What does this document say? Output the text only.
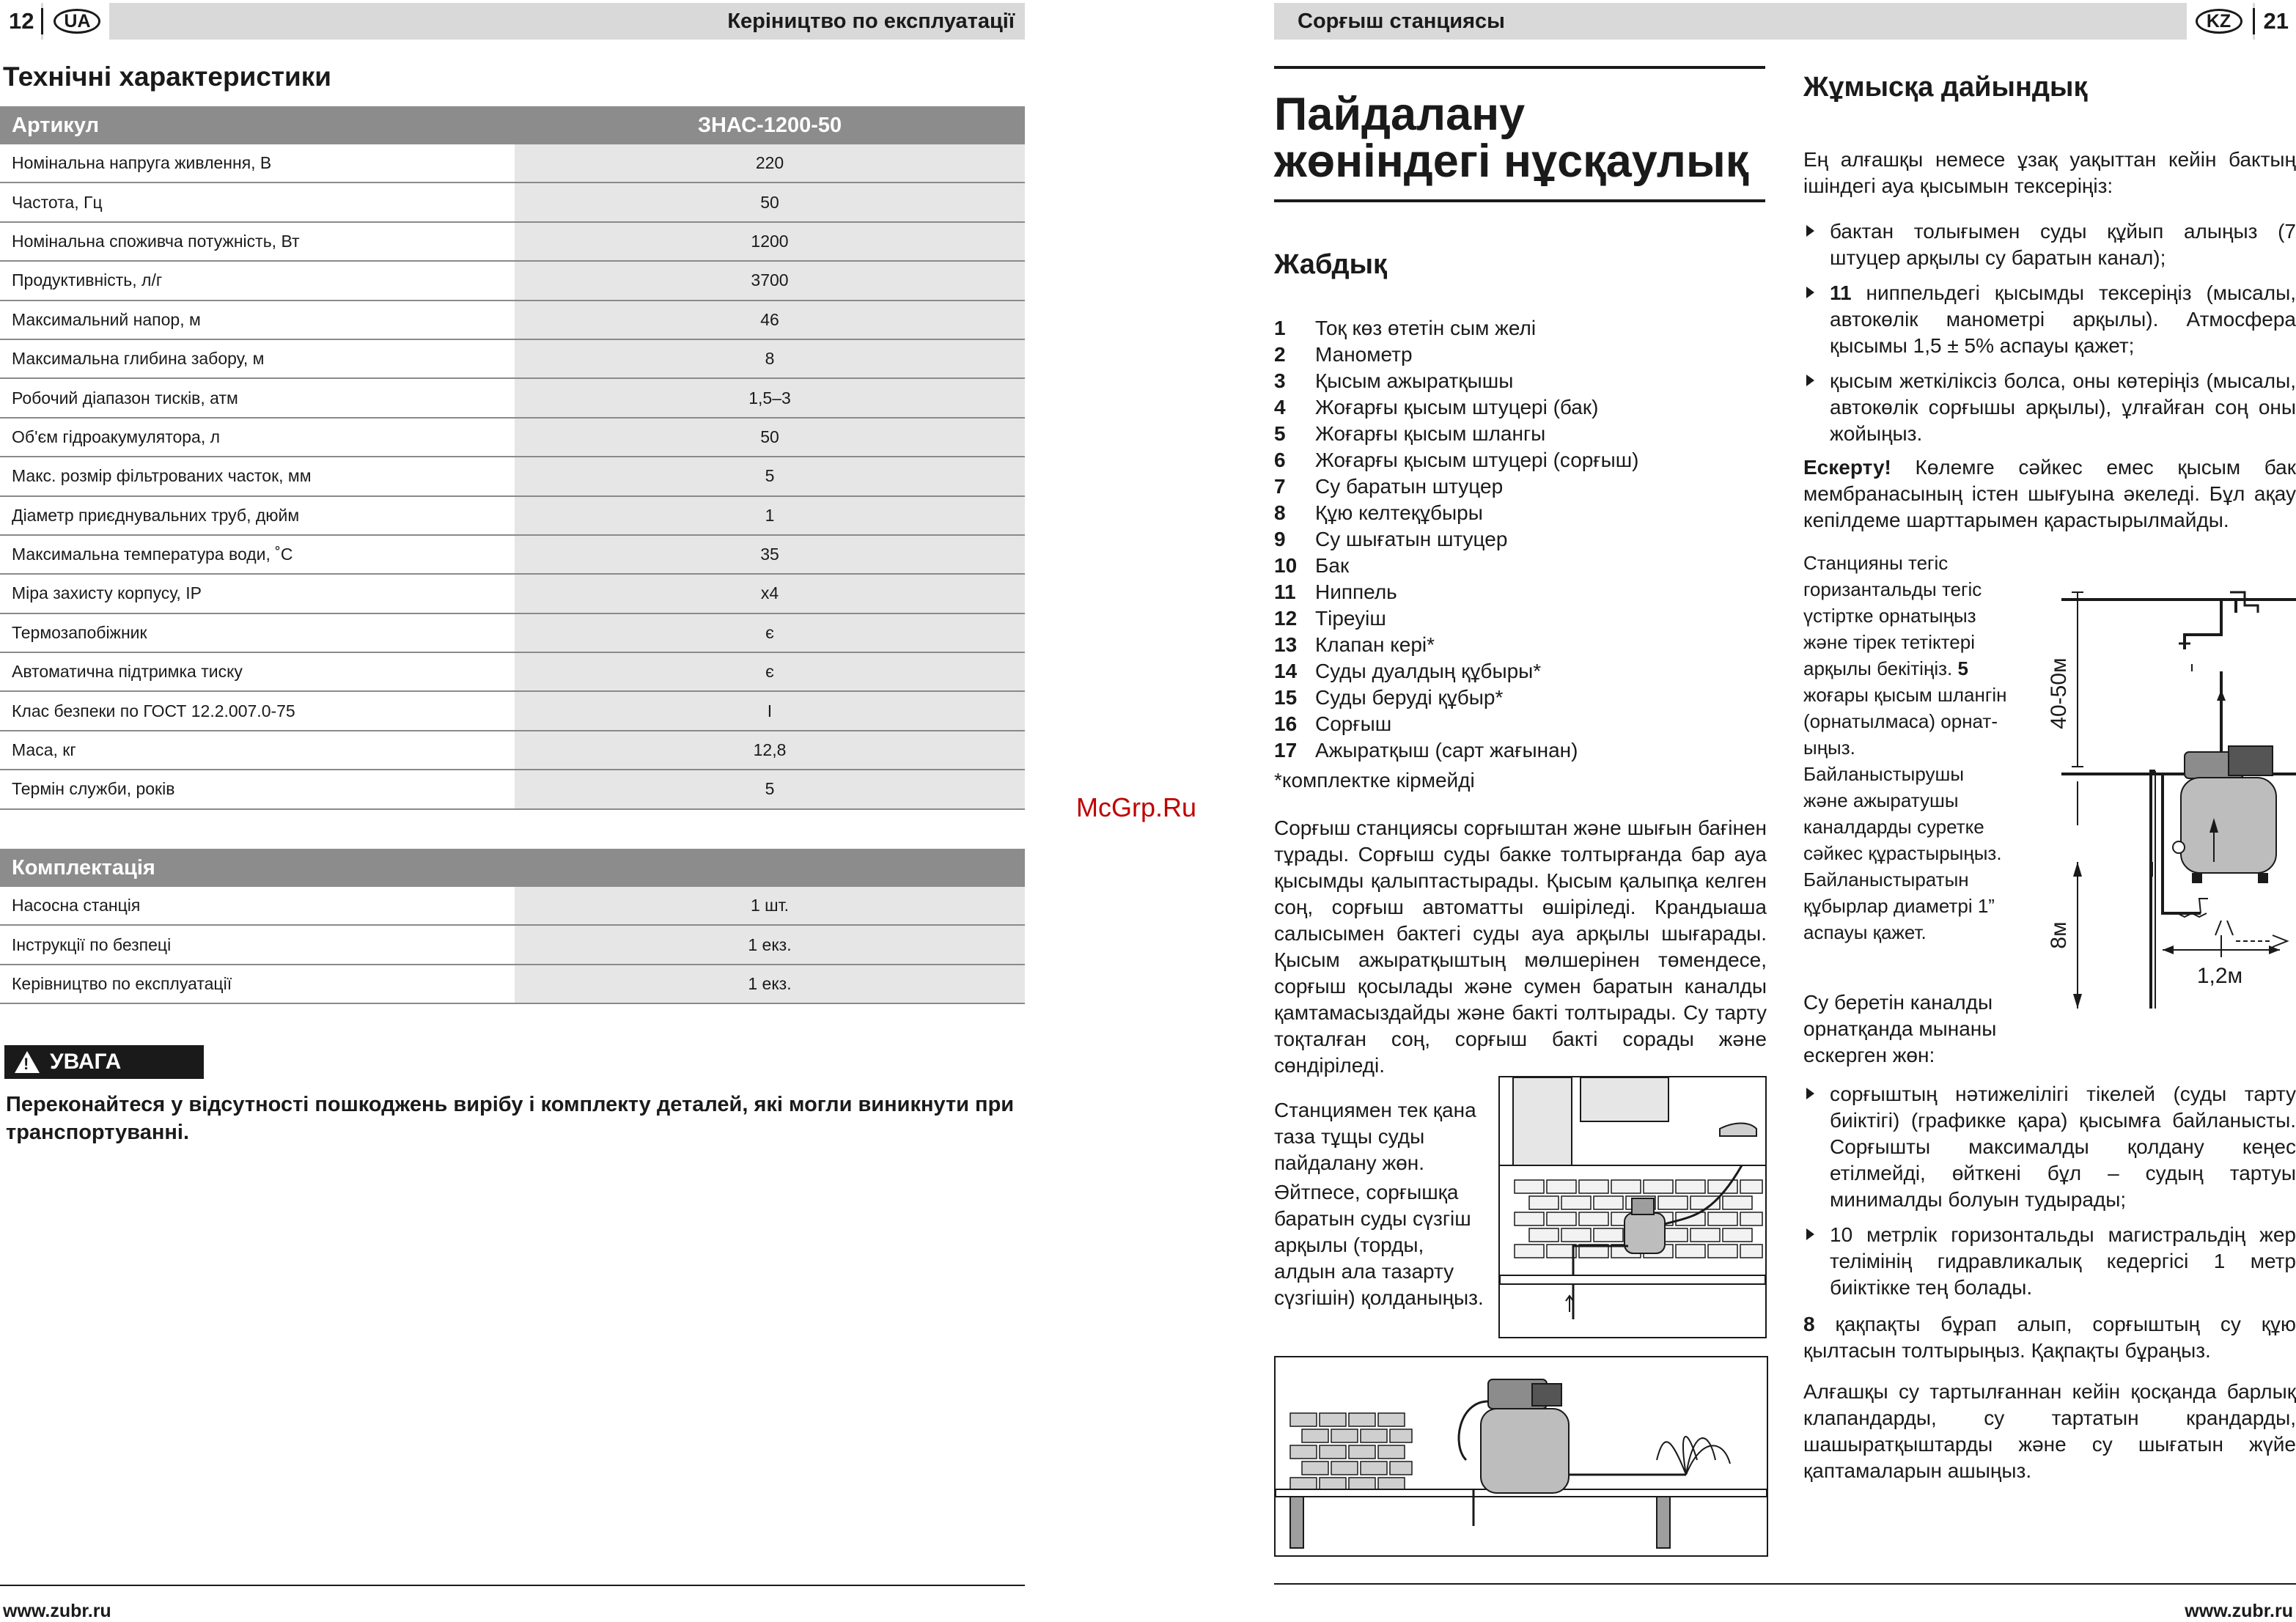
12	UA	Керіництво по експлуатації
Технічні характеристики
Артикул	ЗНАС-1200-50
Номінальна напруга живлення, В	220
Частота, Гц	50
Номінальна споживча потужність, Вт	1200
Продуктивність, л/г	3700
Максимальний напор, м	46
Максимальна глибина забору, м	8
Робочий діапазон тисків, атм	1,5–3
Об'єм гідроакумулятора, л	50
Макс. розмір фільтрованих часток, мм	5
Діаметр приєднувальних труб, дюйм	1
Максимальна температура води, ˚С	35
Міра захисту корпусу, IP	x4
Термозапобіжник	є
Автоматична підтримка тиску	є
Клас безпеки по ГОСТ 12.2.007.0-75	I
Маса, кг	12,8
Термін служби, років	5
Комплектація	
Насосна станція	1 шт.
Інструкції по безпеці	1 екз.
Керівництво по експлуатації	1 екз.
! УВАГА
Переконайтеся у відсутності пошкоджень вирібу і комплекту деталей, які могли виникнути при транспортуванні.
www.zubr.ru
McGrp.Ru
Сорғыш станциясы	KZ	21
Пайдалану
жөніндегі нұсқаулық
Жабдық
1	Тоқ көз өтетін сым желі
2	Манометр
3	Қысым ажыратқышы
4	Жоғарғы қысым штуцері (бак)
5	Жоғарғы қысым шлангы
6	Жоғарғы қысым штуцері (сорғыш)
7	Су баратын штуцер
8	Құю келтеқұбыры
9	Су шығатын штуцер
10 Бак
11 Ниппель
12 Тіреуіш
13 Клапан кері*
14 Суды дуалдың құбыры*
15 Суды беруді құбыр*
16 Сорғыш
17 Ажыратқыш (сарт жағынан)
*комплектке кірмейді
Сорғыш станциясы сорғыштан және шығын бағінен тұрады. Сорғыш суды бакке толтырғанда бар ауа қысымды қалыптастырады. Қысым қалыпқа келген соң, сорғыш автоматты өшіріледі. Крандыаша салысымен бактегі суды ауа арқылы шығарады. Қысым ажыратқыштың мөлшерінен төмендесе, сорғыш қосылады және сумен баратын каналды қамтамасыздайды және бакті толтырады. Су тарту тоқталған соң, сорғыш бакті сорады және сөндіріледі.
Станциямен тек қана таза тұщы суды пайдалану жөн.
Әйтпесе, сорғышқа баратын суды сүзгіш арқылы (торды, алдын ала тазарту сүзгішін) қолданыңыз.
Жұмысқа дайындық
Ең алғашқы немесе ұзақ уақыттан кейін бактың ішіндегі ауа қысымын тексеріңіз:
бактан толығымен суды құйып алыңыз (7 штуцер арқылы су баратын канал);
11 ниппельдегі қысымды тексеріңіз (мысалы, автокөлік манометрі арқылы). Атмосфера қысымы 1,5 ± 5% аспауы қажет;
қысым жеткіліксіз болса, оны көтеріңіз (мысалы, автокөлік сорғышы арқылы), ұлғайған соң оны жойыңыз.
Ескерту! Көлемге сәйкес емес қысым бак мембранасының істен шығуына әкеледі. Бұл ақау кепілдеме шарттарымен қарастырылмайды.
Станцияны тегіс горизантальды тегіс үстіртке орнатыңыз және тірек тетіктері арқылы бекітіңіз. 5 жоғары қысым шлангін (орнатылмаса) орнат-ыңыз. Байланыстырушы және ажыратушы каналдарды суретке сәйкес құрастырыңыз. Байланыстыратын құбырлар диаметрі 1” аспауы қажет.
Су беретін каналды орнатқанда мынаны ескерген жөн:
40-50м
8м
1,2м
сорғыштың нәтижелілігі тікелей (суды тарту биіктігі) (графикке қара) қысымға байланысты. Сорғышты максималды қолдану кеңес етілмейді, өйткені бұл – судың тартуы минималды болуын тудырады;
10 метрлік горизонтальды магистральдің жер телімінің гидравликалық кедергісі 1 метр биіктікке тең болады.
8 қақпақты бұрап алып, сорғыштың су құю қылтасын толтырыңыз. Қақпақты бұраңыз.
Алғашқы су тартылғаннан кейін қосқанда барлық клапандарды, су тартатын крандарды, шашыратқыштарды және су шығатын жүйе қаптамаларын ашыңыз.
www.zubr.ru
